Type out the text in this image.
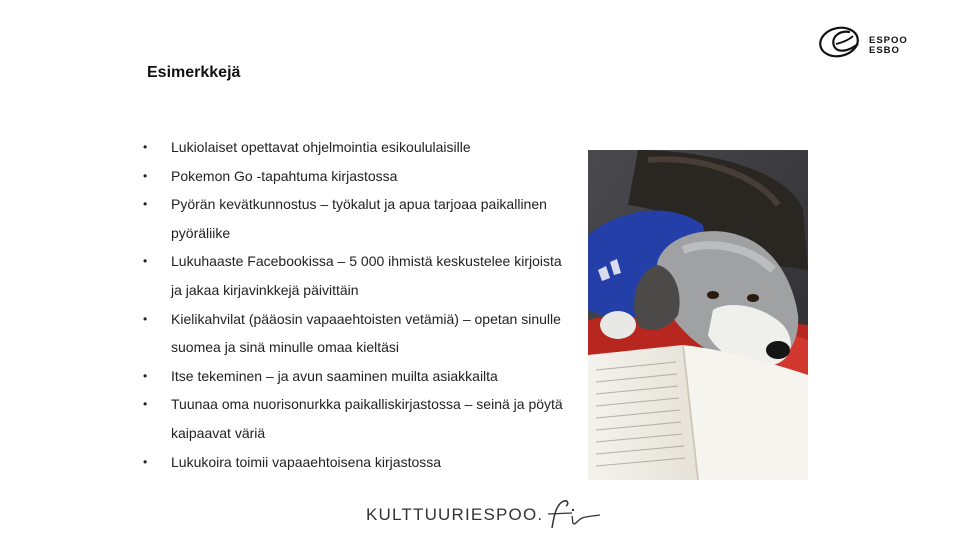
Esimerkkejä
ESPOO
ESBO
• Lukiolaiset opettavat ohjelmointia esikoululaisille
• Pokemon Go -tapahtuma kirjastossa
• Pyörän kevätkunnostus – työkalut ja apua tarjoaa paikallinen pyöräliike
• Lukuhaaste Facebookissa – 5 000 ihmistä keskustelee kirjoista ja jakaa kirjavinkkejä päivittäin
• Kielikahvilat (pääosin vapaaehtoisten vetämiä) – opetan sinulle suomea ja sinä minulle omaa kieltäsi
• Itse tekeminen – ja avun saaminen muilta asiakkailta
• Tuunaa oma nuorisonurkka paikalliskirjastossa – seinä ja pöytä kaipaavat väriä
• Lukukoira toimii vapaaehtoisena kirjastossa
KULTTUURIESPOO.
fi
